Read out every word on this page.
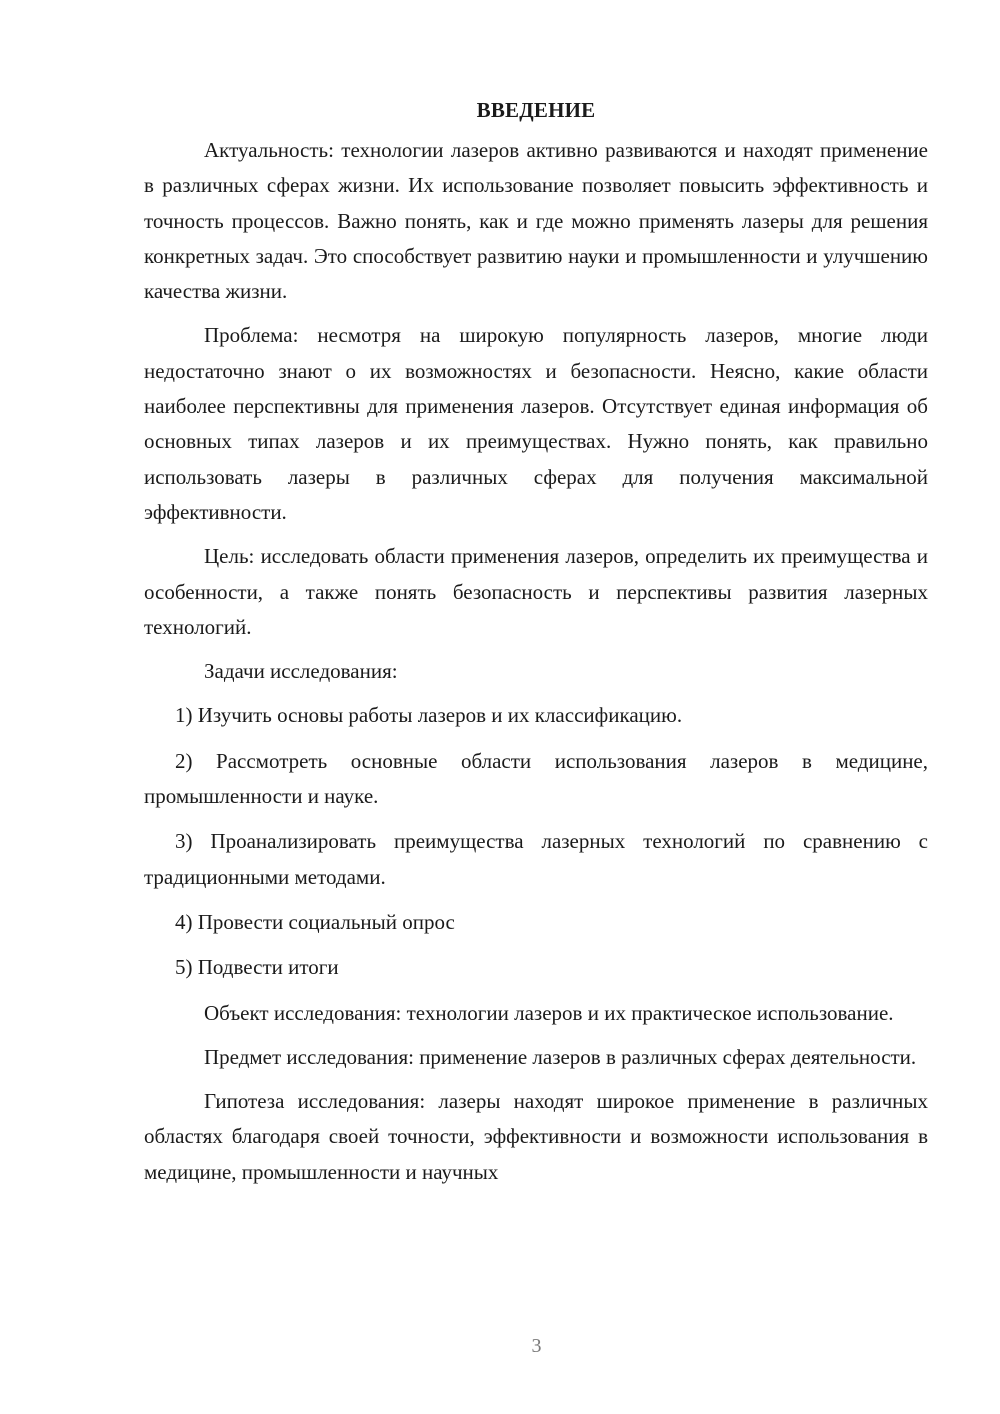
ВВЕДЕНИЕ

Актуальность: технологии лазеров активно развиваются и находят применение в различных сферах жизни. Их использование позволяет повысить эффективность и точность процессов. Важно понять, как и где можно применять лазеры для решения конкретных задач. Это способствует развитию науки и промышленности и улучшению качества жизни.

Проблема: несмотря на широкую популярность лазеров, многие люди недостаточно знают о их возможностях и безопасности. Неясно, какие области наиболее перспективны для применения лазеров. Отсутствует единая информация об основных типах лазеров и их преимуществах. Нужно понять, как правильно использовать лазеры в различных сферах для получения максимальной эффективности.

Цель: исследовать области применения лазеров, определить их преимущества и особенности, а также понять безопасность и перспективы развития лазерных технологий.

Задачи исследования:

1) Изучить основы работы лазеров и их классификацию.

2) Рассмотреть основные области использования лазеров в медицине, промышленности и науке.

3) Проанализировать преимущества лазерных технологий по сравнению с традиционными методами.

4) Провести социальный опрос

5) Подвести итоги

Объект исследования: технологии лазеров и их практическое использование.

Предмет исследования: применение лазеров в различных сферах деятельности.

Гипотеза исследования: лазеры находят широкое применение в различных областях благодаря своей точности, эффективности и возможности использования в медицине, промышленности и научных

3
